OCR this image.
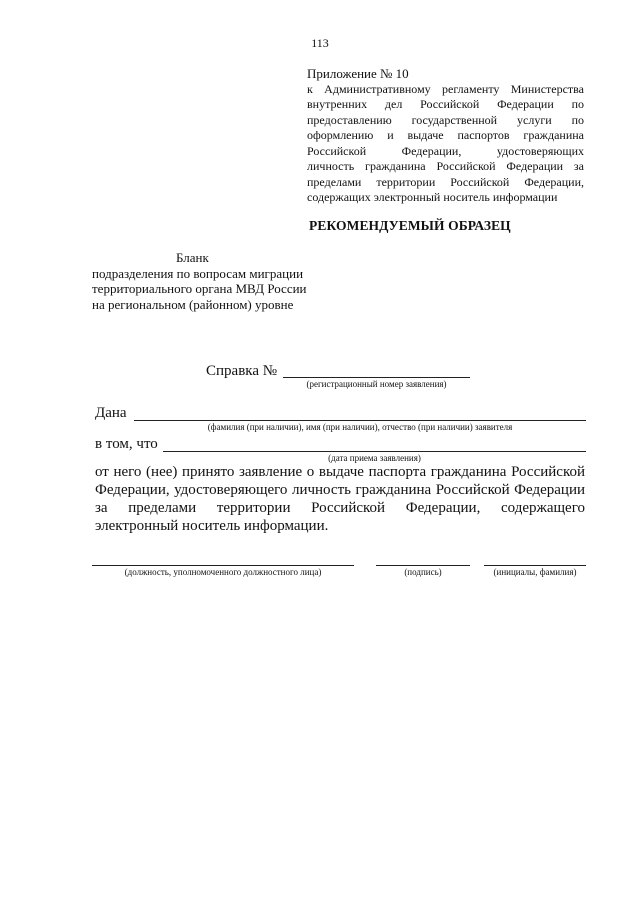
113
Приложение № 10
к Административному регламенту Министерства
внутренних дел Российской Федерации по
предоставлению государственной услуги по
оформлению и выдаче паспортов гражданина
Российской Федерации, удостоверяющих
личность гражданина Российской Федерации за
пределами территории Российской Федерации,
содержащих электронный носитель информации
РЕКОМЕНДУЕМЫЙ ОБРАЗЕЦ
Бланк
подразделения по вопросам миграции
территориального органа МВД России
на региональном (районном) уровне
Справка №
(регистрационный номер заявления)
Дана
(фамилия (при наличии), имя (при наличии), отчество (при наличии) заявителя
в том, что
(дата приема заявления)
от него (нее) принято заявление о выдаче паспорта гражданина Российской Федерации, удостоверяющего личность гражданина Российской Федерации за пределами территории Российской Федерации, содержащего электронный носитель информации.
(должность, уполномоченного должностного лица)	(подпись)	(инициалы, фамилия)
